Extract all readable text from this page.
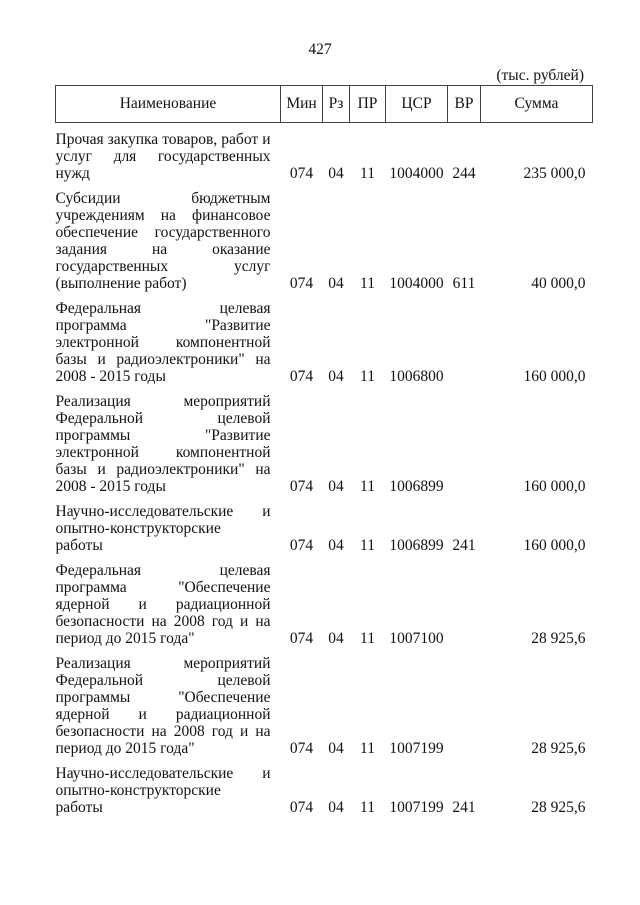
427
(тыс. рублей)
Наименование	Мин	Рз	ПР	ЦСР	ВР	Сумма
Прочая закупка товаров, работ и услуг для государственных нужд	074	04	11	1004000	244	235 000,0
Субсидии бюджетным учреждениям на финансовое обеспечение государственного задания на оказание государственных услуг (выполнение работ)	074	04	11	1004000	611	40 000,0
Федеральная целевая программа "Развитие электронной компонентной базы и радиоэлектроники" на 2008 - 2015 годы	074	04	11	1006800		160 000,0
Реализация мероприятий Федеральной целевой программы "Развитие электронной компонентной базы и радиоэлектроники" на 2008 - 2015 годы	074	04	11	1006899		160 000,0
Научно-исследовательские и опытно-конструкторские работы	074	04	11	1006899	241	160 000,0
Федеральная целевая программа "Обеспечение ядерной и радиационной безопасности на 2008 год и на период до 2015 года"	074	04	11	1007100		28 925,6
Реализация мероприятий Федеральной целевой программы "Обеспечение ядерной и радиационной безопасности на 2008 год и на период до 2015 года"	074	04	11	1007199		28 925,6
Научно-исследовательские и опытно-конструкторские работы	074	04	11	1007199	241	28 925,6
